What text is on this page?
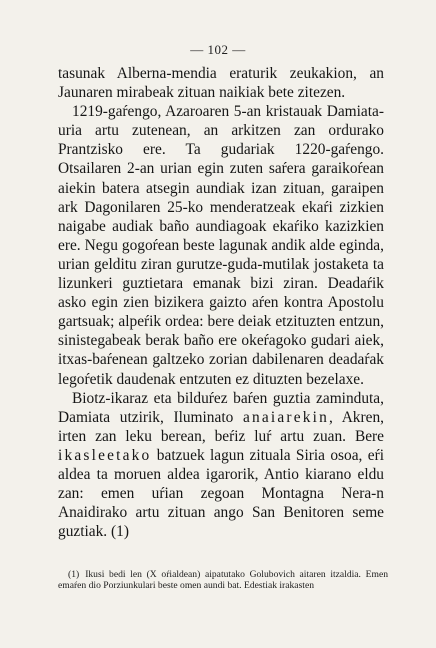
— 102 —

tasunak Alberna-mendia eraturik zeukakion, an Jaunaren mirabeak zituan naikiak bete zitezen.

1219-gaŕengo, Azaroaren 5-an kristauak Damiata-uria artu zutenean, an arkitzen zan ordurako Prantzisko ere. Ta gudariak 1220-gaŕengo. Otsailaren 2-an urian egin zuten saŕera garaikoŕean aiekin batera atsegin aundiak izan zituan, garaipen ark Dagonilaren 25-ko menderatzeak ekaŕi zizkien naigabe audiak baño aundiagoak ekaŕiko kazizkien ere. Negu gogoŕean beste lagunak andik alde eginda, urian gelditu ziran gurutze-guda-mutilak jostaketa ta lizunkeri guztietara emanak bizi ziran. Deadaŕik asko egin zien bizikera gaizto aŕen kontra Apostolu gartsuak; alpeŕik ordea: bere deiak etzituzten entzun, sinistegabeak berak baño ere okeŕagoko gudari aiek, itxas-baŕenean galtzeko zorian dabilenaren deadaŕak legoŕetik daudenak entzuten ez dituzten bezelaxe.

Biotz-ikaraz eta bilduŕez baŕen guztia zaminduta, Damiata utzirik, Iluminato anaiarekin, Akren, irten zan leku berean, beŕiz luŕ artu zuan. Bere ikasleetako batzuek lagun zituala Siria osoa, eŕi aldea ta moruen aldea igarorik, Antio kiarano eldu zan: emen uŕian zegoan Montagna Nera-n Anaidirako artu zituan ango San Benitoren seme guztiak. (1)

(1) Ikusi bedi len (X oŕialdean) aipatutako Golubovich aitaren itzaldia. Emen emaŕen dio Porziunkulari beste omen aundi bat. Edestiak irakasten
